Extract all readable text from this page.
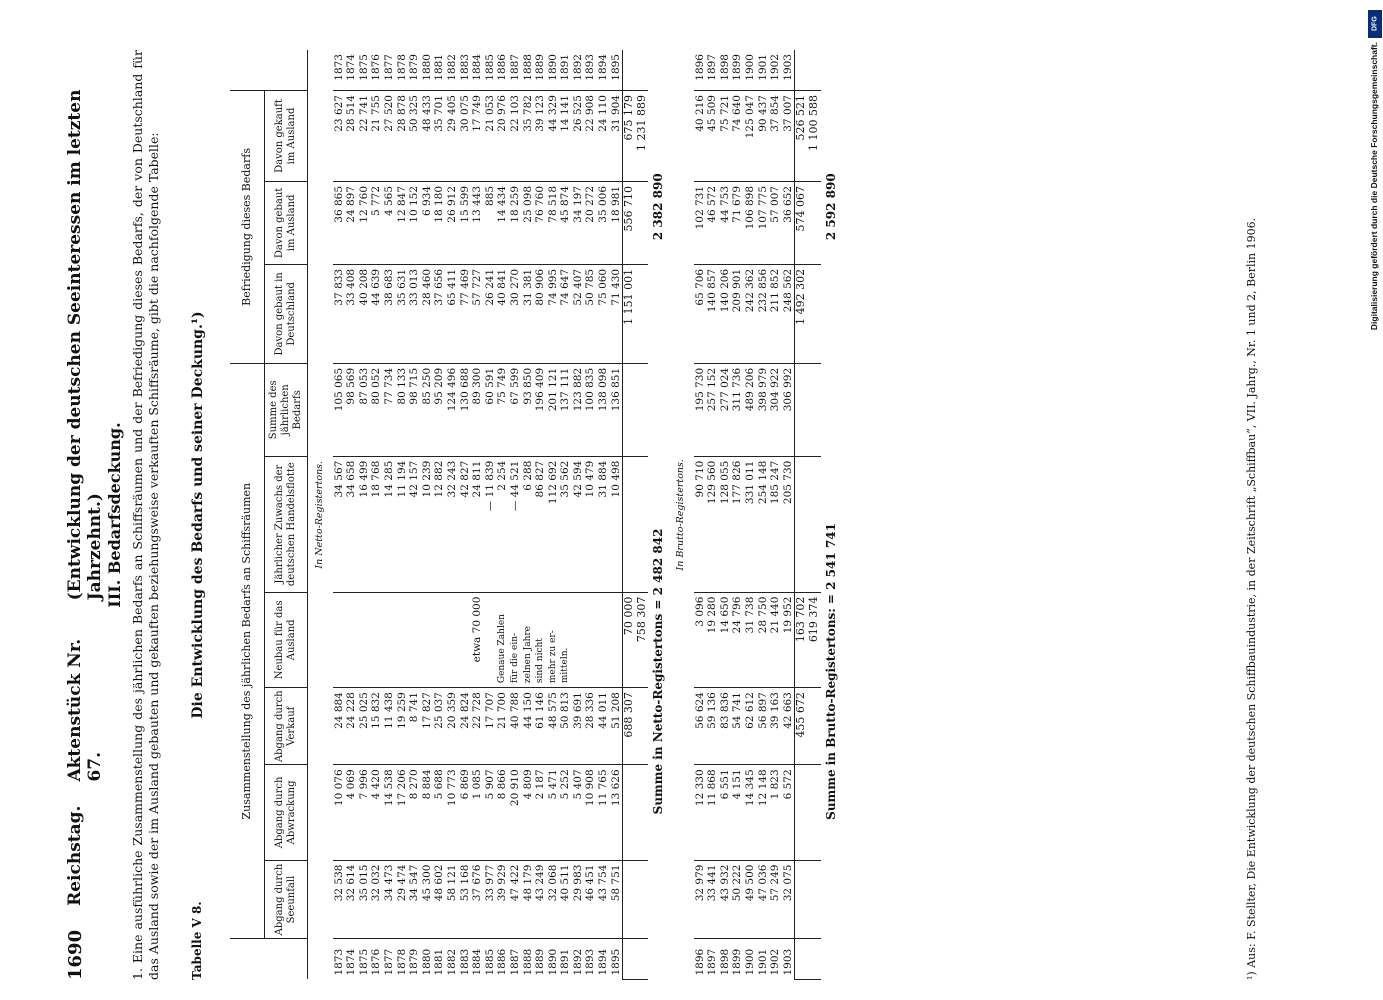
DFG
Digitalisierung gefördert durch die Deutsche Forschungsgemeinschaft.
1690
Reichstag.
Aktenstück Nr. 67.
(Entwicklung der deutschen Seeinteressen im letzten Jahrzehnt.) III. Bedarfsdeckung. 1. Eine ausführliche Zusammenstellung des jährlichen Bedarfs an Schiffsräumen und der Befriedigung dieses Bedarfs, der von Deutschland für das Ausland sowie der im Ausland gebauten und gekauften beziehungsweise verkauften Schiffsräume, gibt die nachfolgende Tabelle: Tabelle V 8.
Die Entwicklung des Bedarfs und seiner Deckung.¹)
		Zusammenstellung des jährlichen Bedarfs an Schiffsräumen						Befriedigung dieses Bedarfs			
	Abgang durch Seeunfall	Abgang durch Abwrackung	Abgang durch Verkauf	Neubau für das Ausland	Jährlicher Zuwachs der deutschen Handelsflotte	Summe des jährlichen Bedarfs	Davon gebaut in Deutschland	Davon gebaut im Ausland	Davon gekauft im Ausland	
In Netto-Registertons.										
1873	32 538	10 076	24 884		34 567	105 065	37 833	36 865	23 627	1873
1874	32 614	4 069	24 228		34 658	98 569	33 408	24 897	28 514	1874
1875	35 015	7 996	25 025		16 499	87 053	40 208	12 760	22 741	1875
1876	32 032	4 420	15 832		18 768	80 052	44 639	5 772	21 755	1876
1877	34 473	14 538	11 438		14 285	77 734	38 683	4 565	27 520	1877
1878	29 474	17 206	19 259		11 194	80 133	35 631	12 847	28 878	1878
1879	34 547	8 270	8 741		42 157	98 715	33 013	10 152	50 325	1879
1880	45 300	8 884	17 827		10 239	85 250	28 460	6 934	48 433	1880
1881	48 602	5 688	25 037		12 882	95 209	37 656	18 180	35 701	1881
1882	58 121	10 773	20 359		32 243	124 496	65 411	26 912	29 405	1882
1883	53 168	6 869	24 824		42 827	130 688	77 469	15 599	30 075	1883
1884	37 676	1 085	22 728	etwa 70 000	24 811	89 300	57 727	13 443	17 749	1884
1885	33 977	5 907	17 707		— 11 839	60 591	26 241	885	21 053	1885
1886	39 929	8 866	21 700	Genaue Zahlen	2 254	75 749	40 841	14 434	20 976	1886
1887	47 422	20 910	40 788	für die ein-	— 44 521	67 599	30 270	18 259	22 103	1887
1888	48 179	4 809	44 150	zelnen Jahre	6 288	93 850	31 381	25 098	35 782	1888
1889	43 249	2 187	61 146	sind nicht	86 827	196 409	80 906	76 760	39 123	1889
1890	32 068	5 471	48 575	mehr zu er-	112 692	201 121	74 995	78 518	44 329	1890
1891	40 511	5 252	50 813	mitteln.	35 562	137 111	74 647	45 874	14 141	1891
1892	29 983	5 407	39 691		42 594	123 882	52 407	34 197	26 525	1892
1893	46 451	10 908	28 336		10 479	100 835	50 785	20 272	22 908	1893
1894	43 754	11 765	44 011		31 884	138 098	75 060	35 006	24 110	1894
1895	58 751	13 626	51 208		10 498	136 851	71 430	18 981	31 904	1895
			688 307	70 000			1 151 001	556 710	675 179	
				758 307					1 231 889	
Summe in Netto-Registertons = 2 482 842							2 382 890			
In Brutto-Registertons.										
1896	32 979	12 330	56 624	3 096	90 710	195 730	65 706	102 731	40 216	1896
1897	33 441	11 868	59 136	19 280	129 560	257 152	140 857	46 572	45 509	1897
1898	43 932	6 551	83 836	14 650	128 055	277 024	140 206	44 753	75 721	1898
1899	50 222	4 151	54 741	24 796	177 826	311 736	209 901	71 679	74 640	1899
1900	49 500	14 345	62 612	31 738	331 011	489 206	242 362	106 898	125 047	1900
1901	47 036	12 148	56 897	28 750	254 148	398 979	232 856	107 775	90 437	1901
1902	57 249	1 823	39 163	21 440	185 247	304 922	211 852	57 007	37 854	1902
1903	32 075	6 572	42 663	19 952	205 730	306 992	248 562	36 652	37 007	1903
			455 672	163 702			1 492 302	574 067	526 521	
				619 374					1 100 588	
Summe in Brutto-Registertons: = 2 541 741							2 592 890			
¹) Aus: F. Stellter, Die Entwicklung der deutschen Schiffbauindustrie, in der Zeitschrift „Schiffbau“, VII. Jahrg., Nr. 1 und 2, Berlin 1906.
